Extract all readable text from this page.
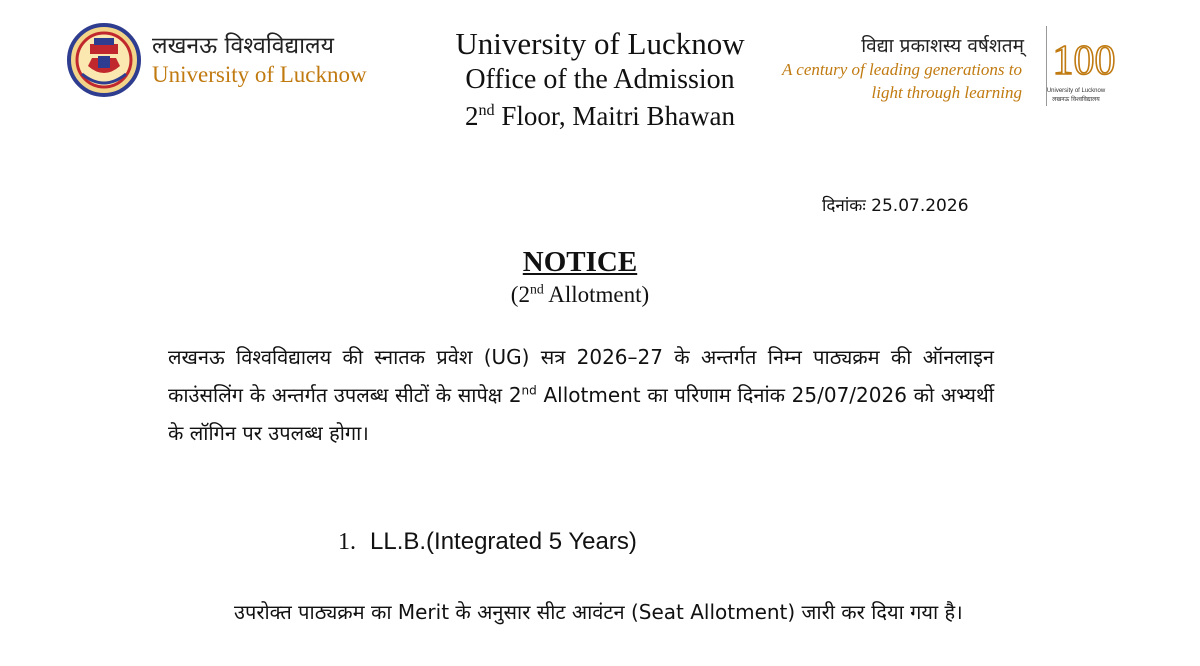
लखनऊ विश्वविद्यालय
University of Lucknow
University of Lucknow
Office of the Admission
2nd Floor, Maitri Bhawan
विद्या प्रकाशस्य वर्षशतम्
A century of leading generations to
light through learning
100
University of Lucknow
लखनऊ विश्वविद्यालय
दिनांकः 25.07.2026
NOTICE
(2nd Allotment)
लखनऊ विश्वविद्यालय की स्नातक प्रवेश (UG) सत्र 2026–27 के अन्तर्गत निम्न पाठ्यक्रम की ऑनलाइन काउंसलिंग के अन्तर्गत उपलब्ध सीटों के सापेक्ष 2nd Allotment का परिणाम दिनांक 25/07/2026 को अभ्यर्थी के लॉगिन पर उपलब्ध होगा।
1. LL.B.(Integrated 5 Years)
उपरोक्त पाठ्यक्रम का Merit के अनुसार सीट आवंटन (Seat Allotment) जारी कर दिया गया है।
